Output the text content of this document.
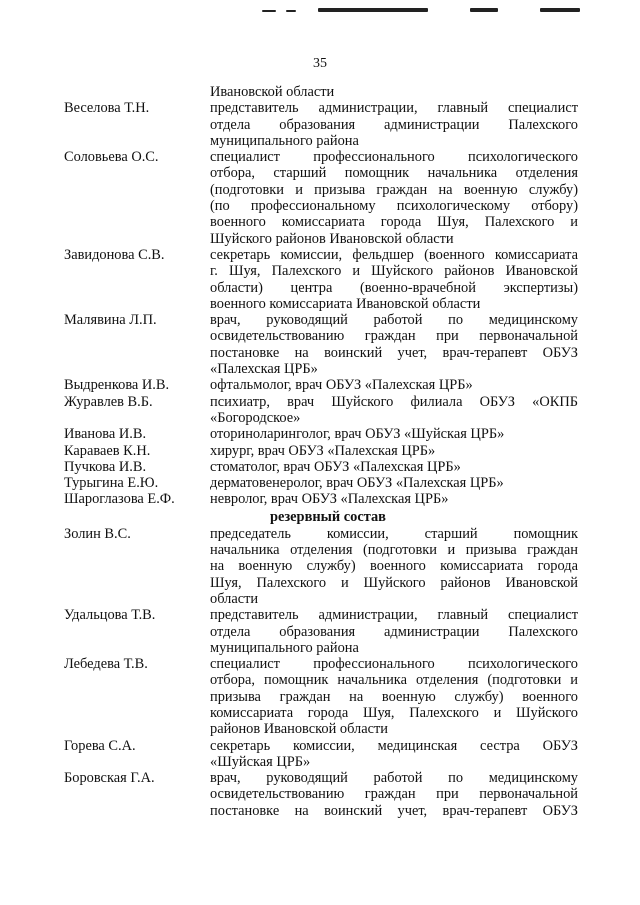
35
Ивановской области
Веселова Т.Н.	представитель администрации, главный специалист
отдела образования администрации Палехского
муниципального района
Соловьева О.С.	специалист профессионального психологического
отбора, старший помощник начальника отделения
(подготовки и призыва граждан на военную службу)
(по профессиональному психологическому отбору)
военного комиссариата города Шуя, Палехского и
Шуйского районов Ивановской области
Завидонова С.В.	секретарь комиссии, фельдшер (военного комиссариата
г. Шуя, Палехского и Шуйского районов Ивановской
области) центра (военно-врачебной экспертизы)
военного комиссариата Ивановской области
Малявина Л.П.	врач, руководящий работой по медицинскому
освидетельствованию граждан при первоначальной
постановке на воинский учет, врач-терапевт ОБУЗ
«Палехская ЦРБ»
Выдренкова И.В.	офтальмолог, врач ОБУЗ «Палехская ЦРБ»
Журавлев В.Б.	психиатр, врач Шуйского филиала ОБУЗ «ОКПБ
«Богородское»
Иванова И.В.	оториноларинголог, врач ОБУЗ «Шуйская ЦРБ»
Караваев К.Н.	хирург, врач ОБУЗ «Палехская ЦРБ»
Пучкова И.В.	стоматолог, врач ОБУЗ «Палехская ЦРБ»
Турыгина Е.Ю.	дерматовенеролог, врач ОБУЗ «Палехская ЦРБ»
Шароглазова Е.Ф.	невролог, врач ОБУЗ «Палехская ЦРБ»
резервный состав
Золин В.С.	председатель комиссии, старший помощник
начальника отделения (подготовки и призыва граждан
на военную службу) военного комиссариата города
Шуя, Палехского и Шуйского районов Ивановской
области
Удальцова Т.В.	представитель администрации, главный специалист
отдела образования администрации Палехского
муниципального района
Лебедева Т.В.	специалист профессионального психологического
отбора, помощник начальника отделения (подготовки и
призыва граждан на военную службу) военного
комиссариата города Шуя, Палехского и Шуйского
районов Ивановской области
Горева С.А.	секретарь комиссии, медицинская сестра ОБУЗ
«Шуйская ЦРБ»
Боровская Г.А.	врач, руководящий работой по медицинскому
освидетельствованию граждан при первоначальной
постановке на воинский учет, врач-терапевт ОБУЗ
